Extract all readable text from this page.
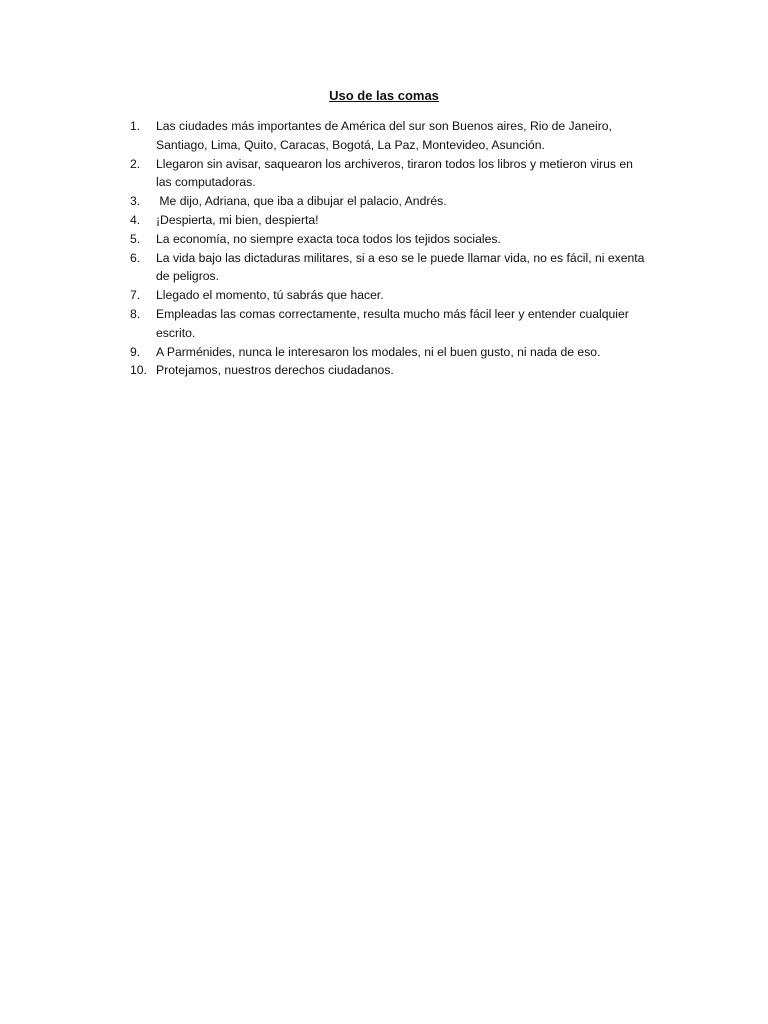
Uso de las comas
1.	Las ciudades más importantes de América del sur son Buenos aires, Rio de Janeiro, Santiago, Lima, Quito, Caracas, Bogotá, La Paz, Montevideo, Asunción.
2.	Llegaron sin avisar, saquearon los archiveros, tiraron todos los libros y metieron virus en las computadoras.
3.	Me dijo, Adriana, que iba a dibujar el palacio, Andrés.
4.	¡Despierta, mi bien, despierta!
5.	La economía, no siempre exacta toca todos los tejidos sociales.
6.	La vida bajo las dictaduras militares, si a eso se le puede llamar vida, no es fácil, ni exenta de peligros.
7.	Llegado el momento, tú sabrás que hacer.
8.	Empleadas las comas correctamente, resulta mucho más fácil leer y entender cualquier escrito.
9.	A Parménides, nunca le interesaron los modales, ni el buen gusto, ni nada de eso.
10. Protejamos, nuestros derechos ciudadanos.
